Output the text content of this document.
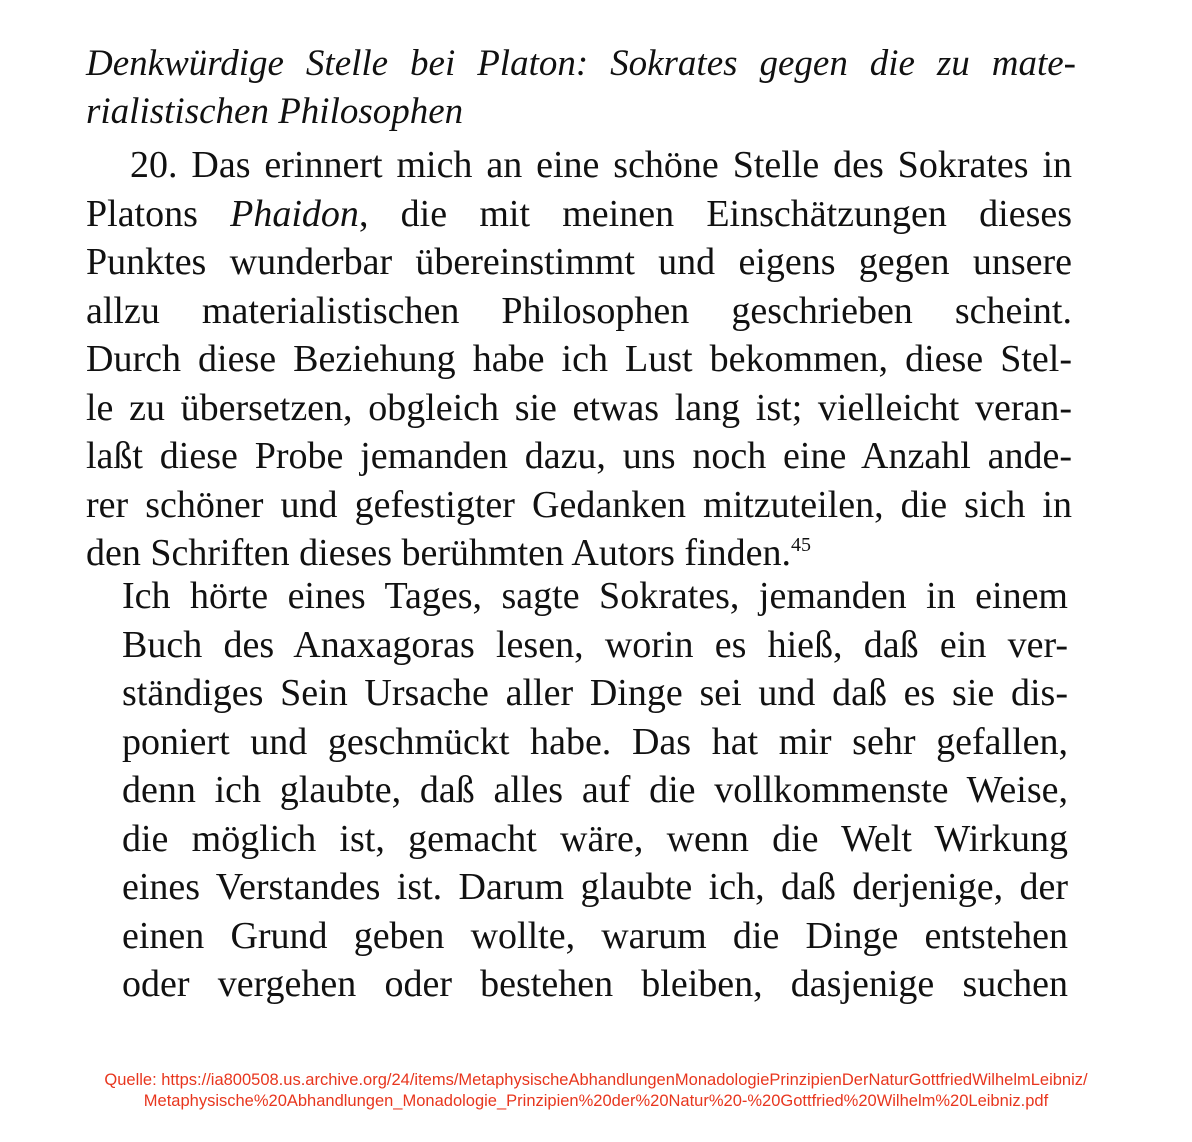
Denkwürdige Stelle bei Platon: Sokrates gegen die zu mate-
rialistischen Philosophen
20. Das erinnert mich an eine schöne Stelle des Sokrates in
Platons Phaidon, die mit meinen Einschätzungen dieses
Punktes wunderbar übereinstimmt und eigens gegen unsere
allzu materialistischen Philosophen geschrieben scheint.
Durch diese Beziehung habe ich Lust bekommen, diese Stel-
le zu übersetzen, obgleich sie etwas lang ist; vielleicht veran-
laßt diese Probe jemanden dazu, uns noch eine Anzahl ande-
rer schöner und gefestigter Gedanken mitzuteilen, die sich in
den Schriften dieses berühmten Autors finden.$^{45}$
Ich hörte eines Tages, sagte Sokrates, jemanden in einem
Buch des Anaxagoras lesen, worin es hieß, daß ein ver-
ständiges Sein Ursache aller Dinge sei und daß es sie dis-
poniert und geschmückt habe. Das hat mir sehr gefallen,
denn ich glaubte, daß alles auf die vollkommenste Weise,
die möglich ist, gemacht wäre, wenn die Welt Wirkung
eines Verstandes ist. Darum glaubte ich, daß derjenige, der
einen Grund geben wollte, warum die Dinge entstehen
oder vergehen oder bestehen bleiben, dasjenige suchen
Quelle: https://ia800508.us.archive.org/24/items/MetaphysischeAbhandlungenMonadologiePrinzipienDerNaturGottfriedWilhelmLeibniz/
Metaphysische%20Abhandlungen_Monadologie_Prinzipien%20der%20Natur%20-%20Gottfried%20Wilhelm%20Leibniz.pdf
